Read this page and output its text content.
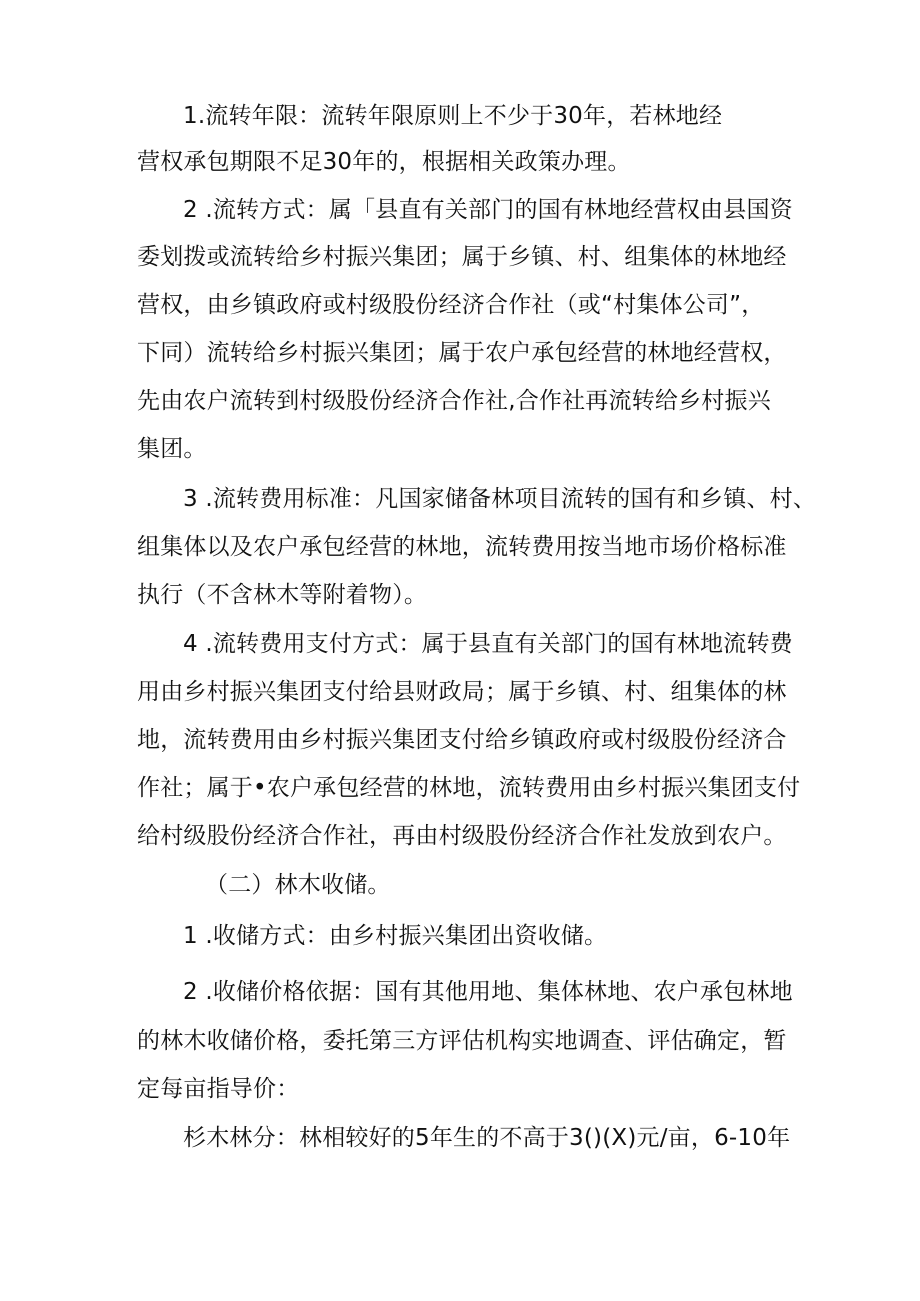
1.流转年限：流转年限原则上不少于30年，若林地经
营权承包期限不足30年的，根据相关政策办理。
2 .流转方式：属「县直有关部门的国有林地经营权由县国资
委划拨或流转给乡村振兴集团；属于乡镇、村、组集体的林地经
营权，由乡镇政府或村级股份经济合作社（或“村集体公司”，
下同）流转给乡村振兴集团；属于农户承包经营的林地经营权，
先由农户流转到村级股份经济合作社,合作社再流转给乡村振兴
集团。
3 .流转费用标准：凡国家储备林项目流转的国有和乡镇、村、
组集体以及农户承包经营的林地，流转费用按当地市场价格标准
执行（不含林木等附着物）。
4 .流转费用支付方式：属于县直有关部门的国有林地流转费
用由乡村振兴集团支付给县财政局；属于乡镇、村、组集体的林
地，流转费用由乡村振兴集团支付给乡镇政府或村级股份经济合
作社；属于•农户承包经营的林地，流转费用由乡村振兴集团支付
给村级股份经济合作社，再由村级股份经济合作社发放到农户。
（二）林木收储。
1 .收储方式：由乡村振兴集团出资收储。
2 .收储价格依据：国有其他用地、集体林地、农户承包林地
的林木收储价格，委托第三方评估机构实地调查、评估确定，暂
定每亩指导价：
杉木林分：林相较好的5年生的不高于3()(X)元/亩，6-10年
